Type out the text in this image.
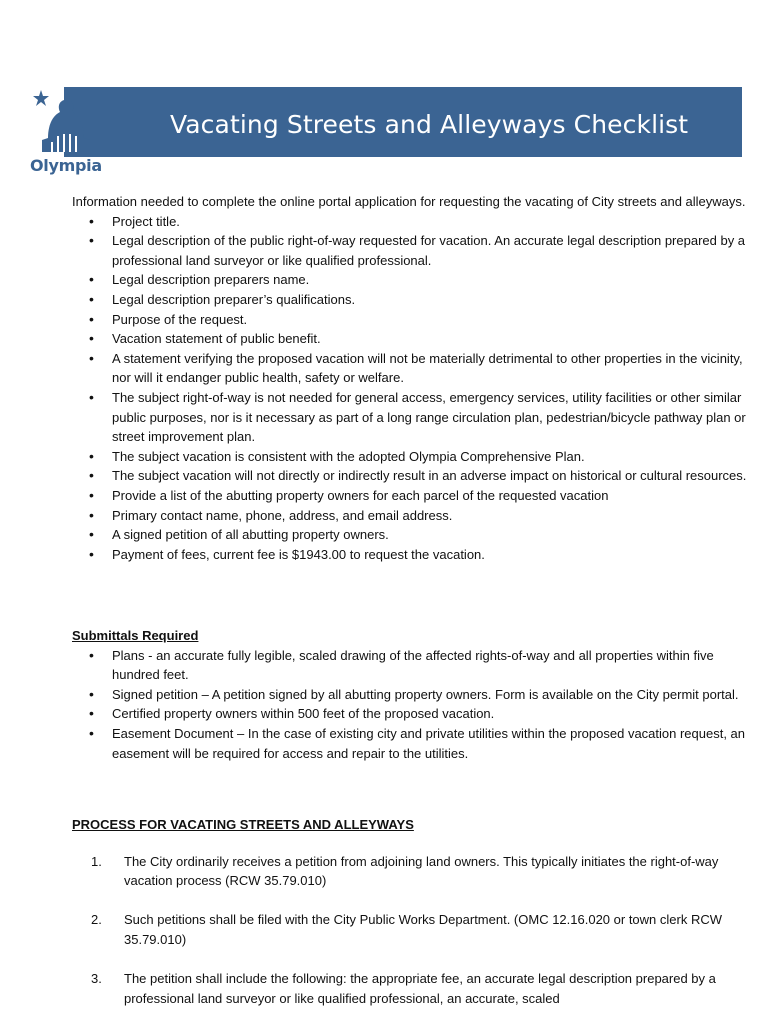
Olympia
Vacating Streets and Alleyways Checklist

Information needed to complete the online portal application for requesting the vacating of City streets and alleyways.

• Project title.
• Legal description of the public right-of-way requested for vacation. An accurate legal description prepared by a professional land surveyor or like qualified professional.
• Legal description preparers name.
• Legal description preparer’s qualifications.
• Purpose of the request.
• Vacation statement of public benefit.
• A statement verifying the proposed vacation will not be materially detrimental to other properties in the vicinity, nor will it endanger public health, safety or welfare.
• The subject right-of-way is not needed for general access, emergency services, utility facilities or other similar public purposes, nor is it necessary as part of a long range circulation plan, pedestrian/bicycle pathway plan or street improvement plan.
• The subject vacation is consistent with the adopted Olympia Comprehensive Plan.
• The subject vacation will not directly or indirectly result in an adverse impact on historical or cultural resources.
• Provide a list of the abutting property owners for each parcel of the requested vacation
• Primary contact name, phone, address, and email address.
• A signed petition of all abutting property owners.
• Payment of fees, current fee is $1943.00 to request the vacation.

Submittals Required

• Plans - an accurate fully legible, scaled drawing of the affected rights-of-way and all properties within five hundred feet.
• Signed petition – A petition signed by all abutting property owners. Form is available on the City permit portal.
• Certified property owners within 500 feet of the proposed vacation.
• Easement Document – In the case of existing city and private utilities within the proposed vacation request, an easement will be required for access and repair to the utilities.

PROCESS FOR VACATING STREETS AND ALLEYWAYS

1. The City ordinarily receives a petition from adjoining land owners. This typically initiates the right-of-way vacation process (RCW 35.79.010)
2. Such petitions shall be filed with the City Public Works Department. (OMC 12.16.020 or town clerk RCW 35.79.010)
3. The petition shall include the following: the appropriate fee, an accurate legal description prepared by a professional land surveyor or like qualified professional, an accurate, scaled
